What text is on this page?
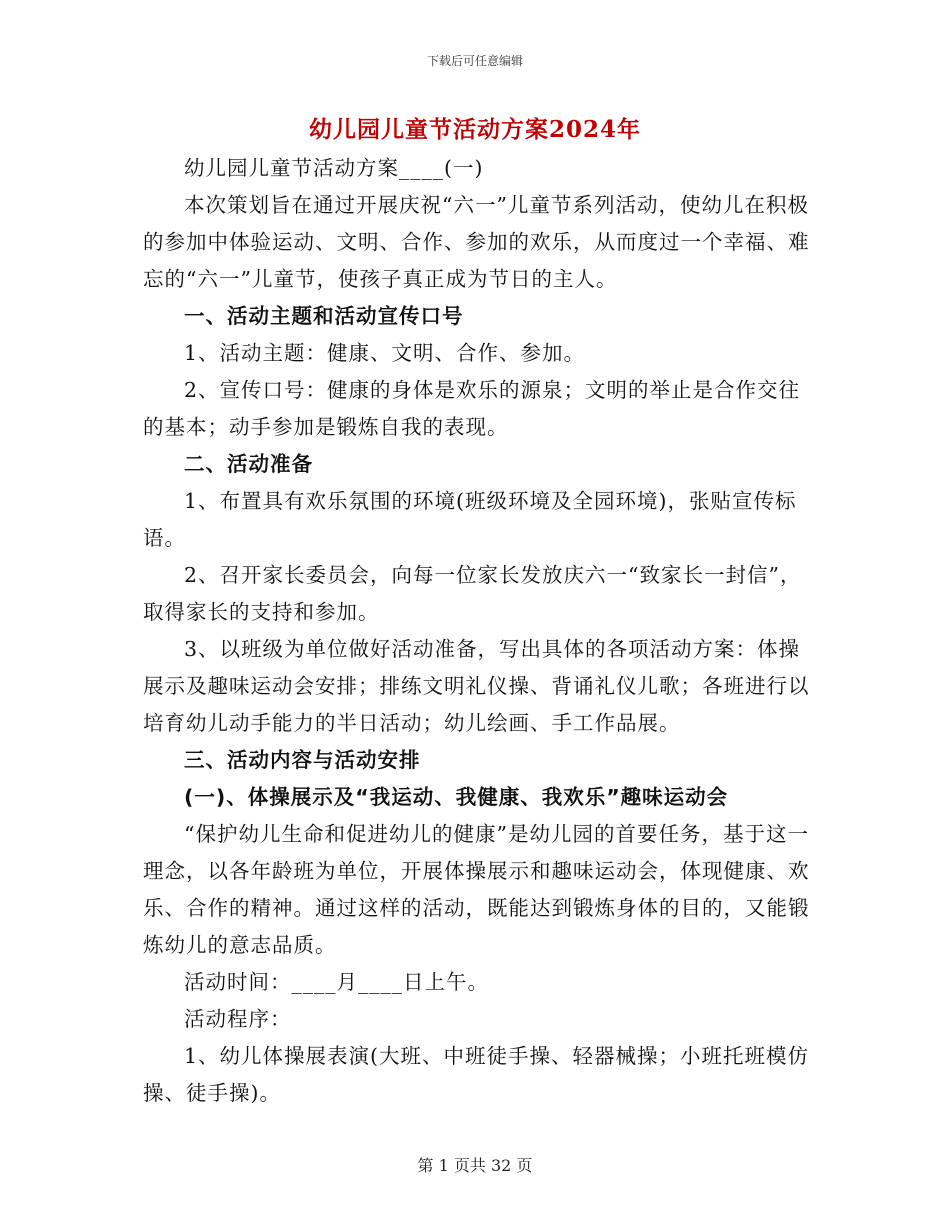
下载后可任意编辑
幼儿园儿童节活动方案2024年

幼儿园儿童节活动方案____(一)

本次策划旨在通过开展庆祝“六一”儿童节系列活动，使幼儿在积极的参加中体验运动、文明、合作、参加的欢乐，从而度过一个幸福、难忘的“六一”儿童节，使孩子真正成为节日的主人。

一、活动主题和活动宣传口号

1、活动主题：健康、文明、合作、参加。

2、宣传口号：健康的身体是欢乐的源泉；文明的举止是合作交往的基本；动手参加是锻炼自我的表现。

二、活动准备

1、布置具有欢乐氛围的环境(班级环境及全园环境)，张贴宣传标语。

2、召开家长委员会，向每一位家长发放庆六一“致家长一封信”，取得家长的支持和参加。

3、以班级为单位做好活动准备，写出具体的各项活动方案：体操展示及趣味运动会安排；排练文明礼仪操、背诵礼仪儿歌；各班进行以培育幼儿动手能力的半日活动；幼儿绘画、手工作品展。

三、活动内容与活动安排

(一)、体操展示及“我运动、我健康、我欢乐”趣味运动会

“保护幼儿生命和促进幼儿的健康”是幼儿园的首要任务，基于这一理念，以各年龄班为单位，开展体操展示和趣味运动会，体现健康、欢乐、合作的精神。通过这样的活动，既能达到锻炼身体的目的，又能锻炼幼儿的意志品质。

活动时间：____月____日上午。

活动程序：

1、幼儿体操展表演(大班、中班徒手操、轻器械操；小班托班模仿操、徒手操)。

第 1 页共 32 页
